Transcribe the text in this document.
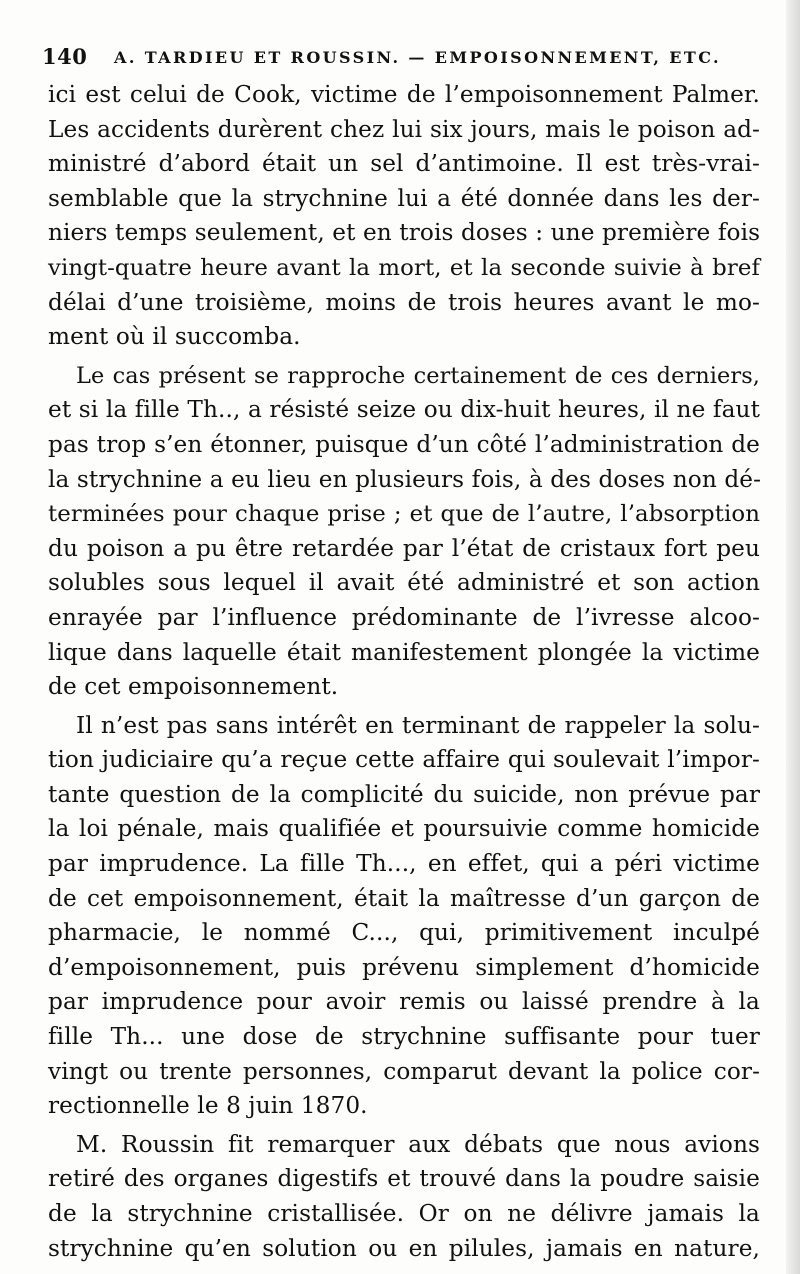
140 A. TARDIEU ET ROUSSIN. — EMPOISONNEMENT, ETC.
ici est celui de Cook, victime de l’empoisonnement Palmer.
Les accidents durèrent chez lui six jours, mais le poison ad-
ministré d’abord était un sel d’antimoine. Il est très-vrai-
semblable que la strychnine lui a été donnée dans les der-
niers temps seulement, et en trois doses : une première fois
vingt-quatre heure avant la mort, et la seconde suivie à bref
délai d’une troisième, moins de trois heures avant le mo-
ment où il succomba.
Le cas présent se rapproche certainement de ces derniers,
et si la fille Th.., a résisté seize ou dix-huit heures, il ne faut
pas trop s’en étonner, puisque d’un côté l’administration de
la strychnine a eu lieu en plusieurs fois, à des doses non dé-
terminées pour chaque prise ; et que de l’autre, l’absorption
du poison a pu être retardée par l’état de cristaux fort peu
solubles sous lequel il avait été administré et son action
enrayée par l’influence prédominante de l’ivresse alcoo-
lique dans laquelle était manifestement plongée la victime
de cet empoisonnement.
Il n’est pas sans intérêt en terminant de rappeler la solu-
tion judiciaire qu’a reçue cette affaire qui soulevait l’impor-
tante question de la complicité du suicide, non prévue par
la loi pénale, mais qualifiée et poursuivie comme homicide
par imprudence. La fille Th..., en effet, qui a péri victime
de cet empoisonnement, était la maîtresse d’un garçon de
pharmacie, le nommé C..., qui, primitivement inculpé
d’empoisonnement, puis prévenu simplement d’homicide
par imprudence pour avoir remis ou laissé prendre à la
fille Th... une dose de strychnine suffisante pour tuer
vingt ou trente personnes, comparut devant la police cor-
rectionnelle le 8 juin 1870.
M. Roussin fit remarquer aux débats que nous avions
retiré des organes digestifs et trouvé dans la poudre saisie
de la strychnine cristallisée. Or on ne délivre jamais la
strychnine qu’en solution ou en pilules, jamais en nature,
